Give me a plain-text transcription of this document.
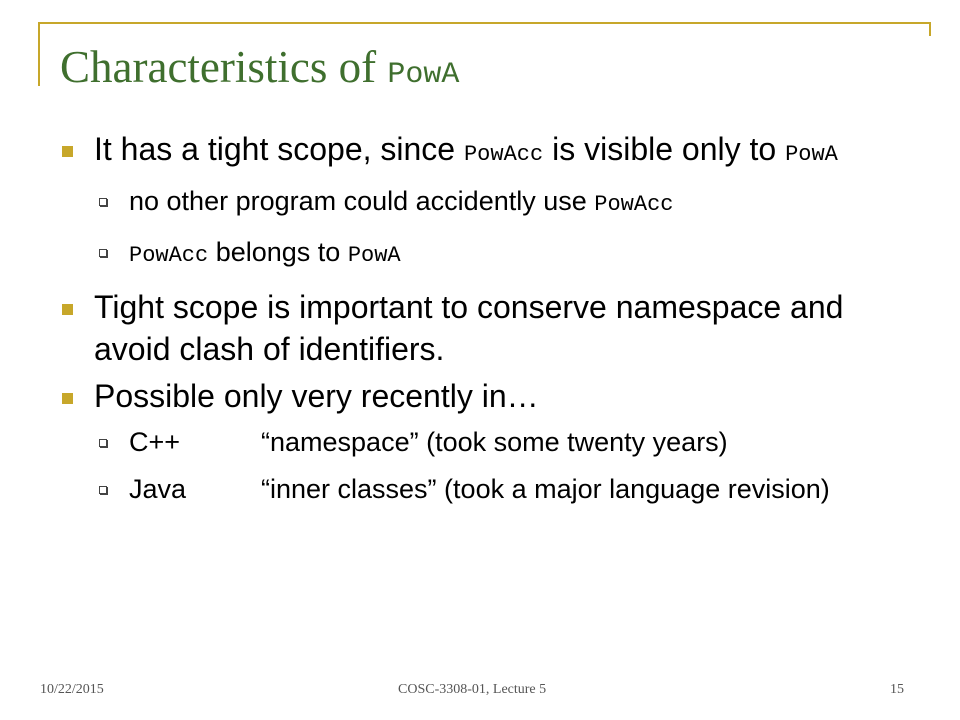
Characteristics of PowA
It has a tight scope, since PowAcc is visible only to PowA
no other program could accidently use PowAcc
PowAcc belongs to PowA
Tight scope is important to conserve namespace and avoid clash of identifiers.
Possible only very recently in…
C++	“namespace” (took some twenty years)
Java	“inner classes” (took a major language revision)
10/22/2015	COSC-3308-01, Lecture 5	15
